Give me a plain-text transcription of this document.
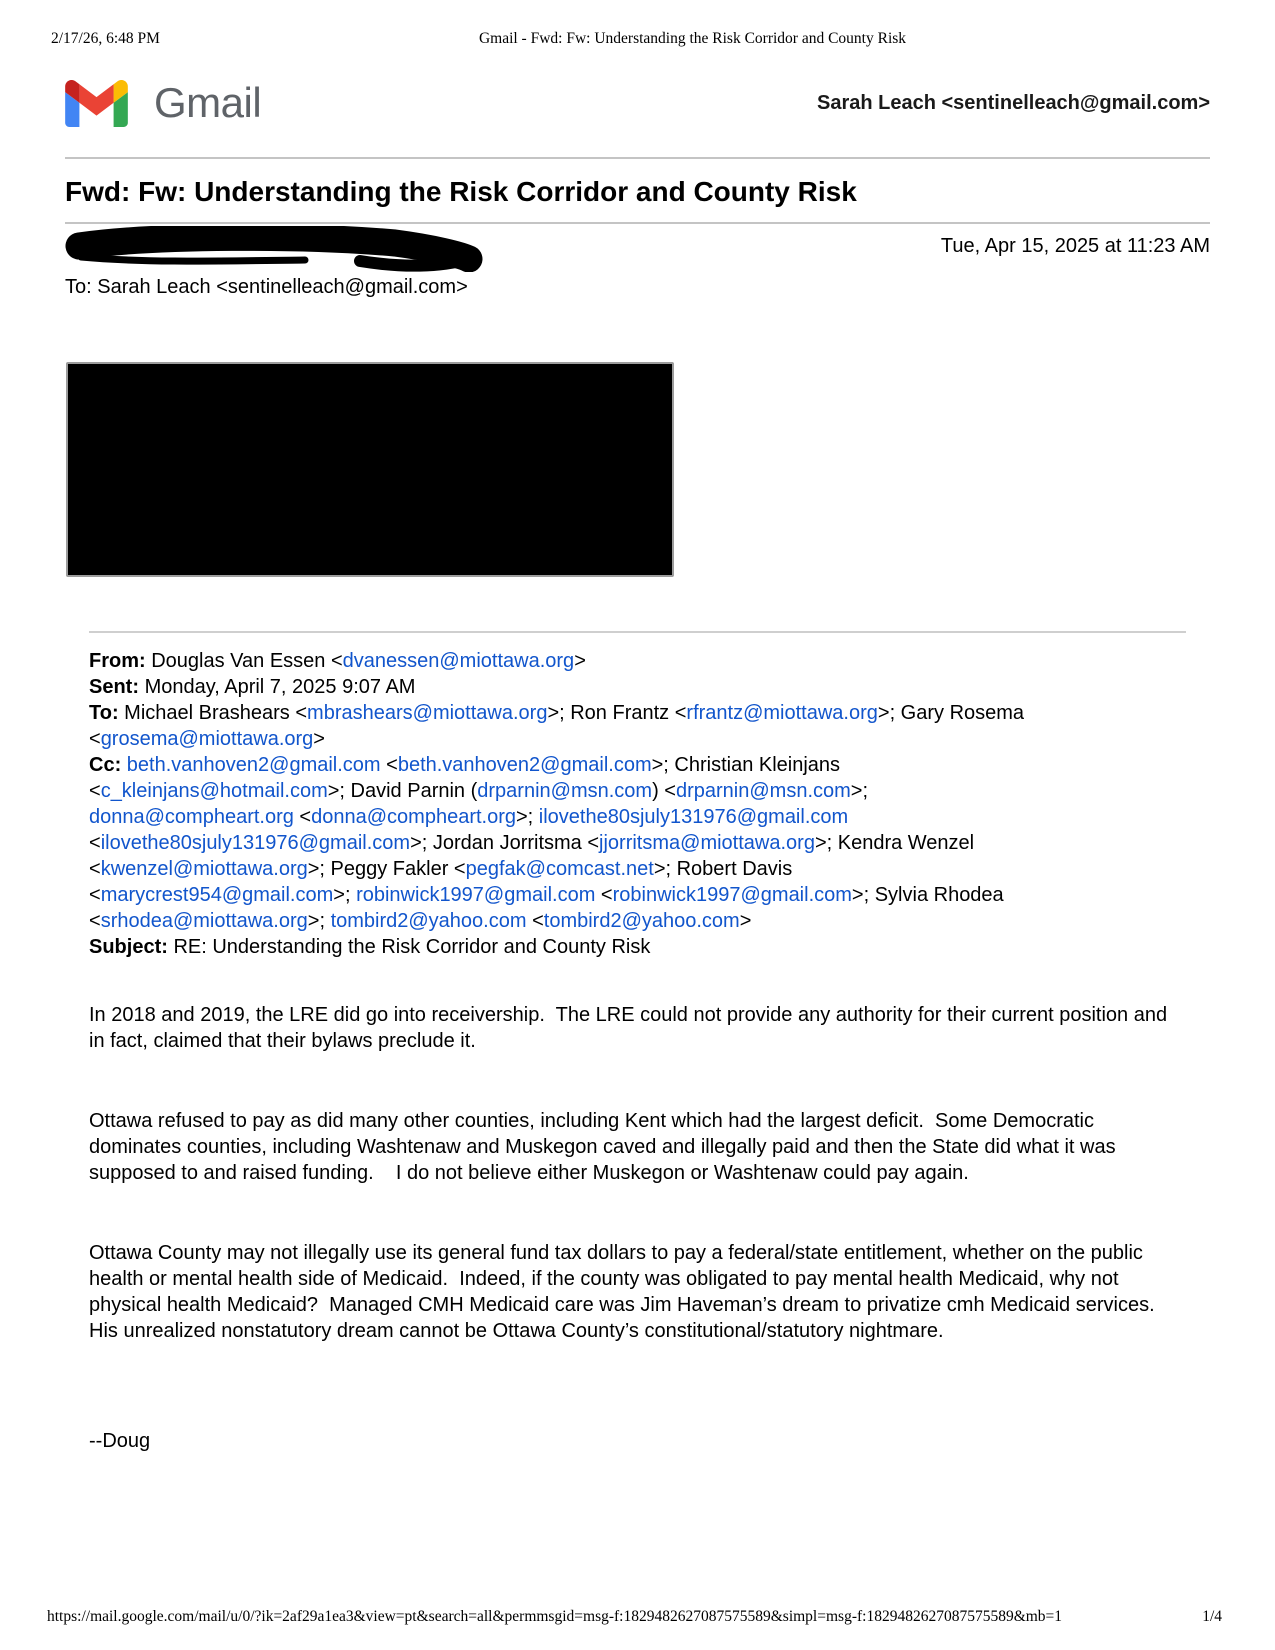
2/17/26, 6:48 PM	Gmail - Fwd: Fw: Understanding the Risk Corridor and County Risk
Gmail	Sarah Leach <sentinelleach@gmail.com>
Fwd: Fw: Understanding the Risk Corridor and County Risk
Tue, Apr 15, 2025 at 11:23 AM
To: Sarah Leach <sentinelleach@gmail.com>
From: Douglas Van Essen <dvanessen@miottawa.org>
Sent: Monday, April 7, 2025 9:07 AM
To: Michael Brashears <mbrashears@miottawa.org>; Ron Frantz <rfrantz@miottawa.org>; Gary Rosema
<grosema@miottawa.org>
Cc: beth.vanhoven2@gmail.com <beth.vanhoven2@gmail.com>; Christian Kleinjans
<c_kleinjans@hotmail.com>; David Parnin (drparnin@msn.com) <drparnin@msn.com>;
donna@compheart.org <donna@compheart.org>; ilovethe80sjuly131976@gmail.com
<ilovethe80sjuly131976@gmail.com>; Jordan Jorritsma <jjorritsma@miottawa.org>; Kendra Wenzel
<kwenzel@miottawa.org>; Peggy Fakler <pegfak@comcast.net>; Robert Davis
<marycrest954@gmail.com>; robinwick1997@gmail.com <robinwick1997@gmail.com>; Sylvia Rhodea
<srhodea@miottawa.org>; tombird2@yahoo.com <tombird2@yahoo.com>
Subject: RE: Understanding the Risk Corridor and County Risk

In 2018 and 2019, the LRE did go into receivership.  The LRE could not provide any authority for their current position and in fact, claimed that their bylaws preclude it.

Ottawa refused to pay as did many other counties, including Kent which had the largest deficit.  Some Democratic dominates counties, including Washtenaw and Muskegon caved and illegally paid and then the State did what it was supposed to and raised funding.    I do not believe either Muskegon or Washtenaw could pay again.

Ottawa County may not illegally use its general fund tax dollars to pay a federal/state entitlement, whether on the public health or mental health side of Medicaid.  Indeed, if the county was obligated to pay mental health Medicaid, why not physical health Medicaid?  Managed CMH Medicaid care was Jim Haveman’s dream to privatize cmh Medicaid services.  His unrealized nonstatutory dream cannot be Ottawa County’s constitutional/statutory nightmare.

--Doug
https://mail.google.com/mail/u/0/?ik=2af29a1ea3&view=pt&search=all&permmsgid=msg-f:1829482627087575589&simpl=msg-f:1829482627087575589&mb=1	1/4
